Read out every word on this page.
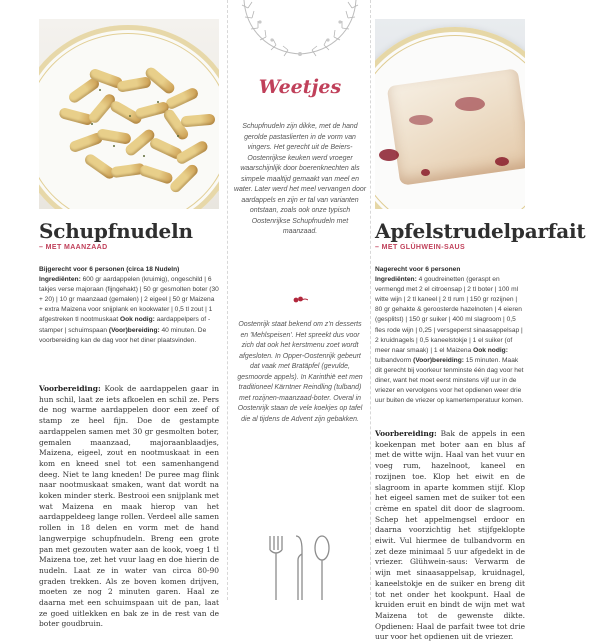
Schupfnudeln

– MET MAANZAAD

Bijgerecht voor 6 personen (circa 18 Nudeln)
Ingrediënten: 600 gr aardappelen (kruimig), ongeschild | 6 takjes verse majoraan (fijngehakt) | 50 gr gesmolten boter (30 + 20) | 10 gr maanzaad (gemalen) | 2 eigeel | 50 gr Maizena + extra Maizena voor snijplank en kookwater | 0,5 tl zout | 1 afgestreken tl nootmuskaat Ook nodig: aardappelpers of -stamper | schuimspaan (Voor)bereiding: 40 minuten. De voorbereiding kan de dag voor het diner plaatsvinden.

Voorbereiding: Kook de aardappelen gaar in hun schil, laat ze iets afkoelen en schil ze. Pers de nog warme aardappelen door een zeef of stamp ze heel fijn. Doe de gestampte aardappelen samen met 30 gr gesmolten boter, gemalen maanzaad, majoraanblaadjes, Maizena, eigeel, zout en nootmuskaat in een kom en kneed snel tot een samenhangend deeg. Niet te lang kneden! De puree mag flink naar nootmuskaat smaken, want dat wordt na koken minder sterk. Bestrooi een snijplank met wat Maizena en maak hierop van het aardappeldeeg lange rollen. Verdeel alle samen rollen in 18 delen en vorm met de hand langwerpige schupfnudeln. Breng een grote pan met gezouten water aan de kook, voeg 1 tl Maizena toe, zet het vuur laag en doe hierin de nudeln. Laat ze in water van circa 80-90 graden trekken. Als ze boven komen drijven, moeten ze nog 2 minuten garen. Haal ze daarna met een schuimspaan uit de pan, laat ze goed uitlekken en bak ze in de rest van de boter goudbruin.

Weetjes

Schupfnudeln zijn dikke, met de hand gerolde pastaslierten in de vorm van vingers. Het gerecht uit de Beiers-Oostenrijkse keuken werd vroeger waarschijnlijk door boerenknechten als simpele maaltijd gemaakt van meel en water. Later werd het meel vervangen door aardappels en zijn er tal van varianten ontstaan, zoals ook onze typisch Oostenrijkse Schupfnudeln met maanzaad.

Oostenrijk staat bekend om z'n desserts en 'Mehlspeisen'. Het spreekt dus voor zich dat ook het kerstmenu zoet wordt afgesloten. In Opper-Oostenrijk gebeurt dat vaak met Bratäpfel (gevulde, gesmoorde appels). In Karinthië eet men traditioneel Kärntner Reindling (tulband) met rozijnen-maanzaad-boter. Overal in Oostenrijk staan de vele koekjes op tafel die al tijdens de Advent zijn gebakken.

Apfelstrudelparfait

– MET GLÜHWEIN-SAUS

Nagerecht voor 6 personen
Ingrediënten: 4 goudreinetten (geraspt en vermengd met 2 el citroensap | 2 tl boter | 100 ml witte wijn | 2 tl kaneel | 2 tl rum | 150 gr rozijnen | 80 gr gehakte & geroosterde hazelnoten | 4 eieren (gesplitst) | 150 gr suiker | 400 ml slagroom | 0,5 fles rode wijn | 0,25 | versgeperst sinaasappelsap | 2 kruidnagels | 0,5 kaneelstokje | 1 el suiker (of meer naar smaak) | 1 el Maizena Ook nodig: tulbandvorm (Voor)bereiding: 15 minuten. Maak dit gerecht bij voorkeur tenminste één dag voor het diner, want het moet eerst minstens vijf uur in de vriezer en vervolgens voor het opdienen weer drie uur buiten de vriezer op kamertemperatuur komen.

Voorbereiding: Bak de appels in een koekenpan met boter aan en blus af met de witte wijn. Haal van het vuur en voeg rum, hazelnoot, kaneel en rozijnen toe. Klop het eiwit en de slagroom in aparte kommen stijf. Klop het eigeel samen met de suiker tot een crème en spatel dit door de slagroom. Schep het appelmengsel erdoor en daarna voorzichtig het stijfgeklopte eiwit. Vul hiermee de tulbandvorm en zet deze minimaal 5 uur afgedekt in de vriezer. Glühwein-saus: Verwarm de wijn met sinaasappelsap, kruidnagel, kaneelstokje en de suiker en breng dit tot net onder het kookpunt. Haal de kruiden eruit en bindt de wijn met wat Maizena tot de gewenste dikte. Opdienen: Haal de parfait twee tot drie uur voor het opdienen uit de vriezer.
